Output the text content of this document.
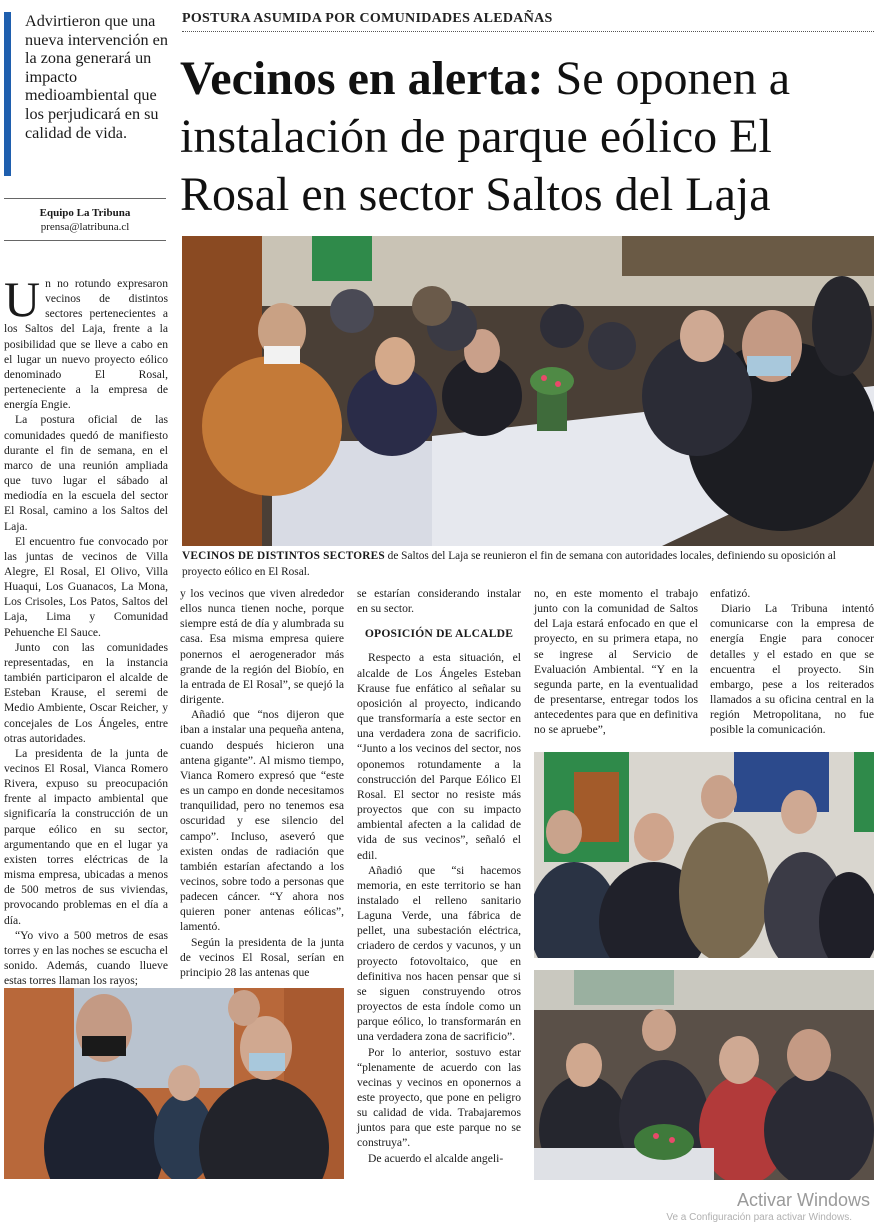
Advirtieron que una nueva intervención en la zona generará un impacto medioambiental que los perjudicará en su calidad de vida.
Equipo La Tribuna
prensa@latribuna.cl
POSTURA ASUMIDA POR COMUNIDADES ALEDAÑAS
Vecinos en alerta: Se oponen a instalación de parque eólico El Rosal en sector Saltos del Laja
VECINOS DE DISTINTOS SECTORES de Saltos del Laja se reunieron el fin de semana con autoridades locales, definiendo su oposición al proyecto eólico en El Rosal.

Un no rotundo expresaron vecinos de distintos sectores pertenecientes a los Saltos del Laja, frente a la posibilidad que se lleve a cabo en el lugar un nuevo proyecto eólico denominado El Rosal, perteneciente a la empresa de energía Engie.

La postura oficial de las comunidades quedó de manifiesto durante el fin de semana, en el marco de una reunión ampliada que tuvo lugar el sábado al mediodía en la escuela del sector El Rosal, camino a los Saltos del Laja.

El encuentro fue convocado por las juntas de vecinos de Villa Alegre, El Rosal, El Olivo, Villa Huaqui, Los Guanacos, La Mona, Los Crisoles, Los Patos, Saltos del Laja, Lima y Comunidad Pehuenche El Sauce.

Junto con las comunidades representadas, en la instancia también participaron el alcalde de Esteban Krause, el seremi de Medio Ambiente, Oscar Reicher, y concejales de Los Ángeles, entre otras autoridades.

La presidenta de la junta de vecinos El Rosal, Vianca Romero Rivera, expuso su preocupación frente al impacto ambiental que significaría la construcción de un parque eólico en su sector, argumentando que en el lugar ya existen torres eléctricas de la misma empresa, ubicadas a menos de 500 metros de sus viviendas, provocando problemas en el día a día.

“Yo vivo a 500 metros de esas torres y en las noches se escucha el sonido. Además, cuando llueve estas torres llaman los rayos;

y los vecinos que viven alrededor ellos nunca tienen noche, porque siempre está de día y alumbrada su casa. Esa misma empresa quiere ponernos el aerogenerador más grande de la región del Biobío, en la entrada de El Rosal”, se quejó la dirigente.

Añadió que “nos dijeron que iban a instalar una pequeña antena, cuando después hicieron una antena gigante”. Al mismo tiempo, Vianca Romero expresó que “este es un campo en donde necesitamos tranquilidad, pero no tenemos esa oscuridad y ese silencio del campo”. Incluso, aseveró que existen ondas de radiación que también estarían afectando a los vecinos, sobre todo a personas que padecen cáncer. “Y ahora nos quieren poner antenas eólicas”, lamentó.

Según la presidenta de la junta de vecinos El Rosal, serían en principio 28 las antenas que

se estarían considerando instalar en su sector.

OPOSICIÓN DE ALCALDE

Respecto a esta situación, el alcalde de Los Ángeles Esteban Krause fue enfático al señalar su oposición al proyecto, indicando que transformaría a este sector en una verdadera zona de sacrificio. “Junto a los vecinos del sector, nos oponemos rotundamente a la construcción del Parque Eólico El Rosal. El sector no resiste más proyectos que con su impacto ambiental afecten a la calidad de vida de sus vecinos”, señaló el edil.

Añadió que “si hacemos memoria, en este territorio se han instalado el relleno sanitario Laguna Verde, una fábrica de pellet, una subestación eléctrica, criadero de cerdos y vacunos, y un proyecto fotovoltaico, que en definitiva nos hacen pensar que si se siguen construyendo otros proyectos de esta índole como un parque eólico, lo transformarán en una verdadera zona de sacrificio”.

Por lo anterior, sostuvo estar “plenamente de acuerdo con las vecinas y vecinos en oponernos a este proyecto, que pone en peligro su calidad de vida. Trabajaremos juntos para que este parque no se construya”.

De acuerdo el alcalde angeli-

no, en este momento el trabajo junto con la comunidad de Saltos del Laja estará enfocado en que el proyecto, en su primera etapa, no se ingrese al Servicio de Evaluación Ambiental. “Y en la segunda parte, en la eventualidad de presentarse, entregar todos los antecedentes para que en definitiva no se apruebe”,

enfatizó.

Diario La Tribuna intentó comunicarse con la empresa de energía Engie para conocer detalles y el estado en que se encuentra el proyecto. Sin embargo, pese a los reiterados llamados a su oficina central en la región Metropolitana, no fue posible la comunicación.

Activar Windows
Ve a Configuración para activar Windows.
